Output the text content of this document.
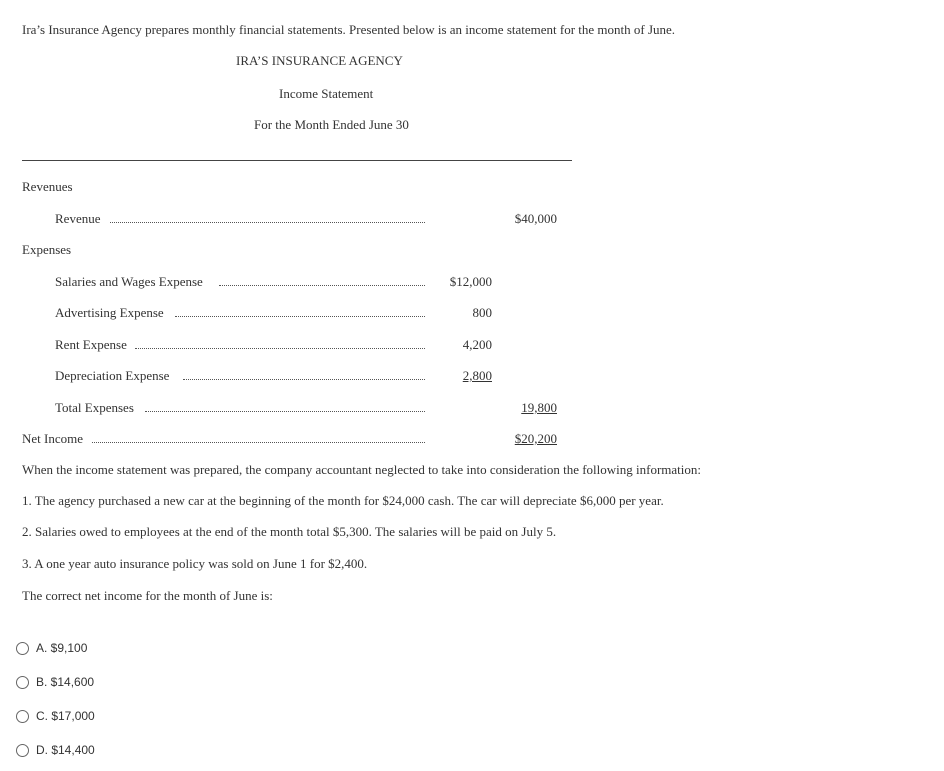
Ira’s Insurance Agency prepares monthly financial statements. Presented below is an income statement for the month of June.
IRA’S INSURANCE AGENCY
Income Statement
For the Month Ended June 30
Revenues
Revenue	$40,000
Expenses
Salaries and Wages Expense	$12,000
Advertising Expense	800
Rent Expense	4,200
Depreciation Expense	2,800
Total Expenses	19,800
Net Income	$20,200
When the income statement was prepared, the company accountant neglected to take into consideration the following information:
1. The agency purchased a new car at the beginning of the month for $24,000 cash. The car will depreciate $6,000 per year.
2. Salaries owed to employees at the end of the month total $5,300. The salaries will be paid on July 5.
3. A one year auto insurance policy was sold on June 1 for $2,400.
The correct net income for the month of June is:
A. $9,100
B. $14,600
C. $17,000
D. $14,400
